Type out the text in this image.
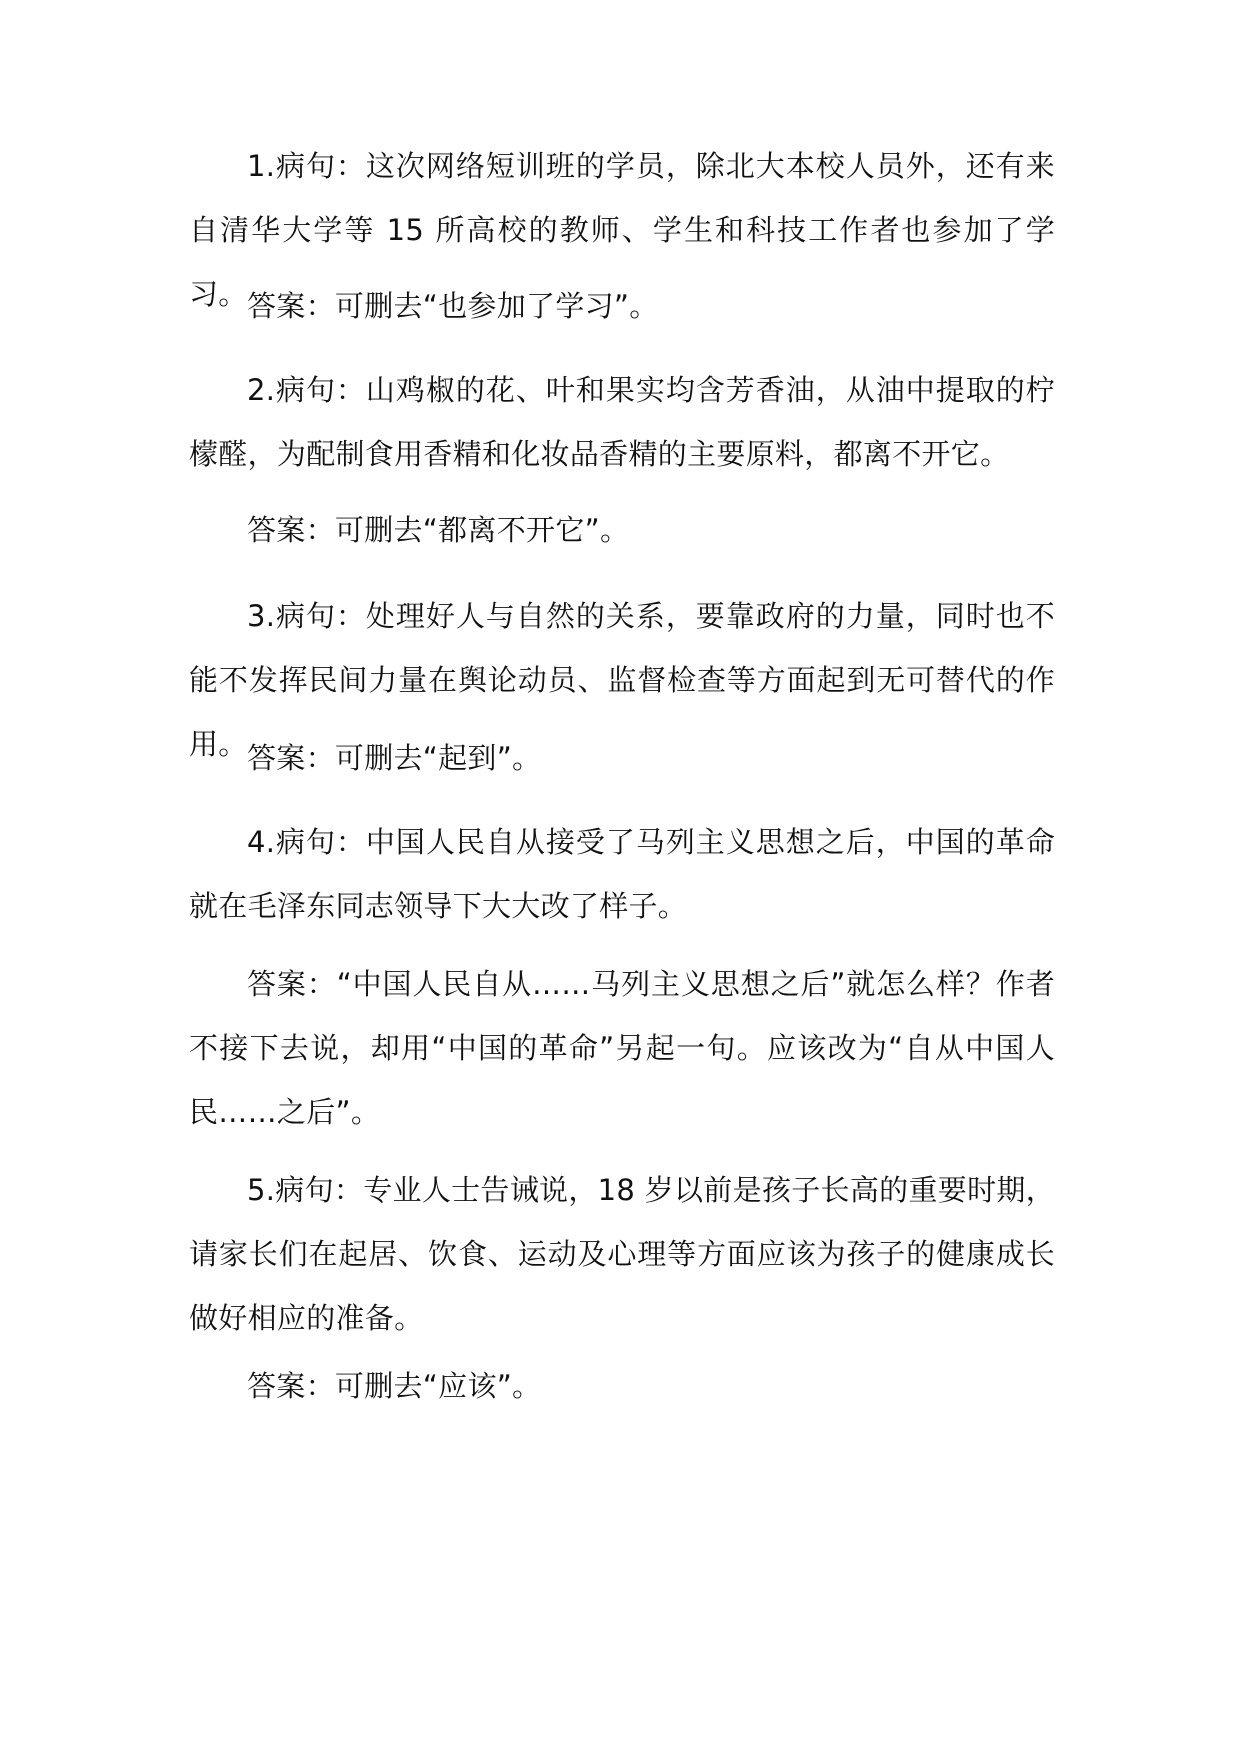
1.病句：这次网络短训班的学员，除北大本校人员外，还有来自清华大学等 15 所高校的教师、学生和科技工作者也参加了学习。 答案：可删去“也参加了学习”。

2.病句：山鸡椒的花、叶和果实均含芳香油，从油中提取的柠檬醛，为配制食用香精和化妆品香精的主要原料，都离不开它。

答案：可删去“都离不开它”。

3.病句：处理好人与自然的关系，要靠政府的力量，同时也不能不发挥民间力量在舆论动员、监督检查等方面起到无可替代的作用。 答案：可删去“起到”。

4.病句：中国人民自从接受了马列主义思想之后，中国的革命就在毛泽东同志领导下大大改了样子。

答案：“中国人民自从……马列主义思想之后”就怎么样？作者不接下去说，却用“中国的革命”另起一句。应该改为“自从中国人民……之后”。

5.病句：专业人士告诫说，18 岁以前是孩子长高的重要时期，请家长们在起居、饮食、运动及心理等方面应该为孩子的健康成长做好相应的准备。

答案：可删去“应该”。
